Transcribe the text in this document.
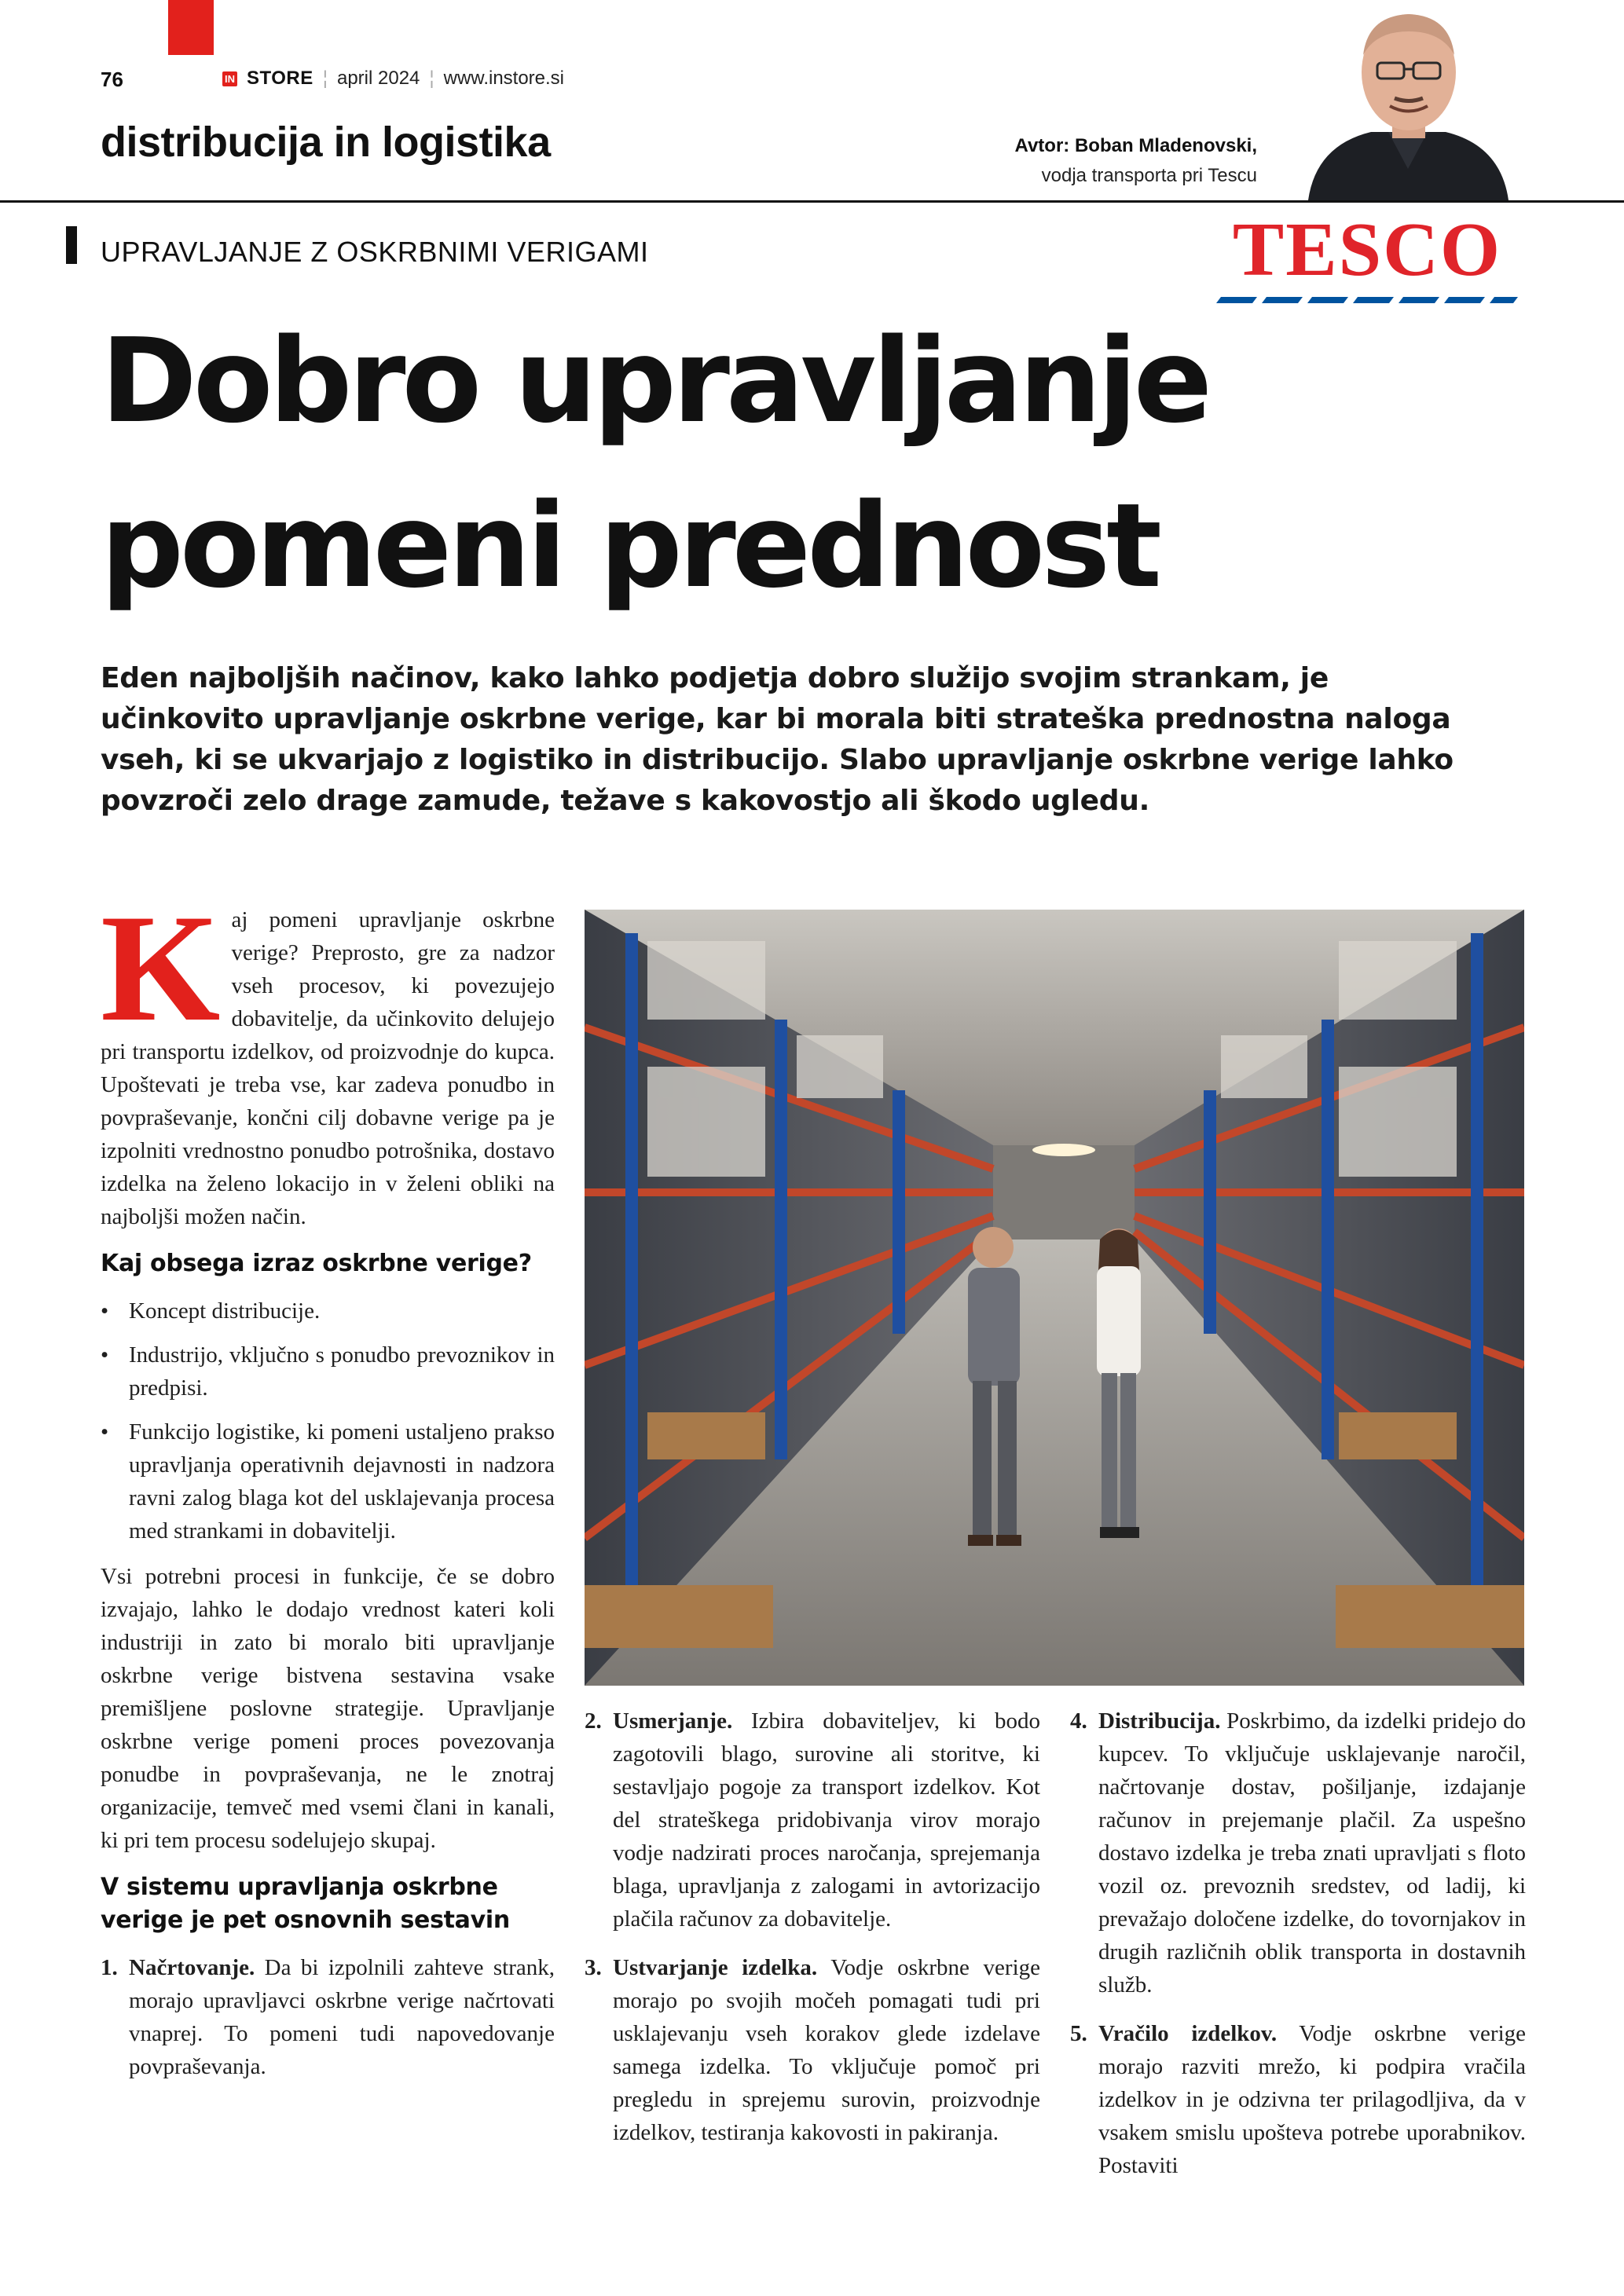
76	IN STORE ¦ april 2024 ¦ www.instore.si
distribucija in logistika	Avtor: Boban Mladenovski,
vodja transporta pri Tescu
UPRAVLJANJE Z OSKRBNIMI VERIGAMI	TESCO
Dobro upravljanje
pomeni prednost

Eden najboljših načinov, kako lahko podjetja dobro služijo svojim strankam, je učinkovito upravljanje oskrbne verige, kar bi morala biti strateška prednostna naloga vseh, ki se ukvarjajo z logistiko in distribucijo. Slabo upravljanje oskrbne verige lahko povzroči zelo drage zamude, težave s kakovostjo ali škodo ugledu.

Kaj pomeni upravljanje oskrbne verige? Preprosto, gre za nadzor vseh procesov, ki povezujejo dobavitelje, da učinkovito delujejo pri transportu izdelkov, od proizvodnje do kupca. Upoštevati je treba vse, kar zadeva ponudbo in povpraševanje, končni cilj dobavne verige pa je izpolniti vrednostno ponudbo potrošnika, dostavo izdelka na želeno lokacijo in v želeni obliki na najboljši možen način.

Kaj obsega izraz oskrbne verige?
• Koncept distribucije.
• Industrijo, vključno s ponudbo prevoznikov in predpisi.
• Funkcijo logistike, ki pomeni ustaljeno prakso upravljanja operativnih dejavnosti in nadzora ravni zalog blaga kot del usklajevanja procesa med strankami in dobavitelji.

Vsi potrebni procesi in funkcije, če se dobro izvajajo, lahko le dodajo vrednost kateri koli industriji in zato bi moralo biti upravljanje oskrbne verige bistvena sestavina vsake premišljene poslovne strategije. Upravljanje oskrbne verige pomeni proces povezovanja ponudbe in povpraševanja, ne le znotraj organizacije, temveč med vsemi člani in kanali, ki pri tem procesu sodelujejo skupaj.

V sistemu upravljanja oskrbne verige je pet osnovnih sestavin
1. Načrtovanje. Da bi izpolnili zahteve strank, morajo upravljavci oskrbne verige načrtovati vnaprej. To pomeni tudi napovedovanje povpraševanja.
2. Usmerjanje. Izbira dobaviteljev, ki bodo zagotovili blago, surovine ali storitve, ki sestavljajo pogoje za transport izdelkov. Kot del strateškega pridobivanja virov morajo vodje nadzirati proces naročanja, sprejemanja blaga, upravljanja z zalogami in avtorizacijo plačila računov za dobavitelje.
3. Ustvarjanje izdelka. Vodje oskrbne verige morajo po svojih močeh pomagati tudi pri usklajevanju vseh korakov glede izdelave samega izdelka. To vključuje pomoč pri pregledu in sprejemu surovin, proizvodnje izdelkov, testiranja kakovosti in pakiranja.
4. Distribucija. Poskrbimo, da izdelki pridejo do kupcev. To vključuje usklajevanje naročil, načrtovanje dostav, pošiljanje, izdajanje računov in prejemanje plačil. Za uspešno dostavo izdelka je treba znati upravljati s floto vozil oz. prevoznih sredstev, od ladij, ki prevažajo določene izdelke, do tovornjakov in drugih različnih oblik transporta in dostavnih služb.
5. Vračilo izdelkov. Vodje oskrbne verige morajo razviti mrežo, ki podpira vračila izdelkov in je odzivna ter prilagodljiva, da v vsakem smislu upošteva potrebe uporabnikov. Postaviti
